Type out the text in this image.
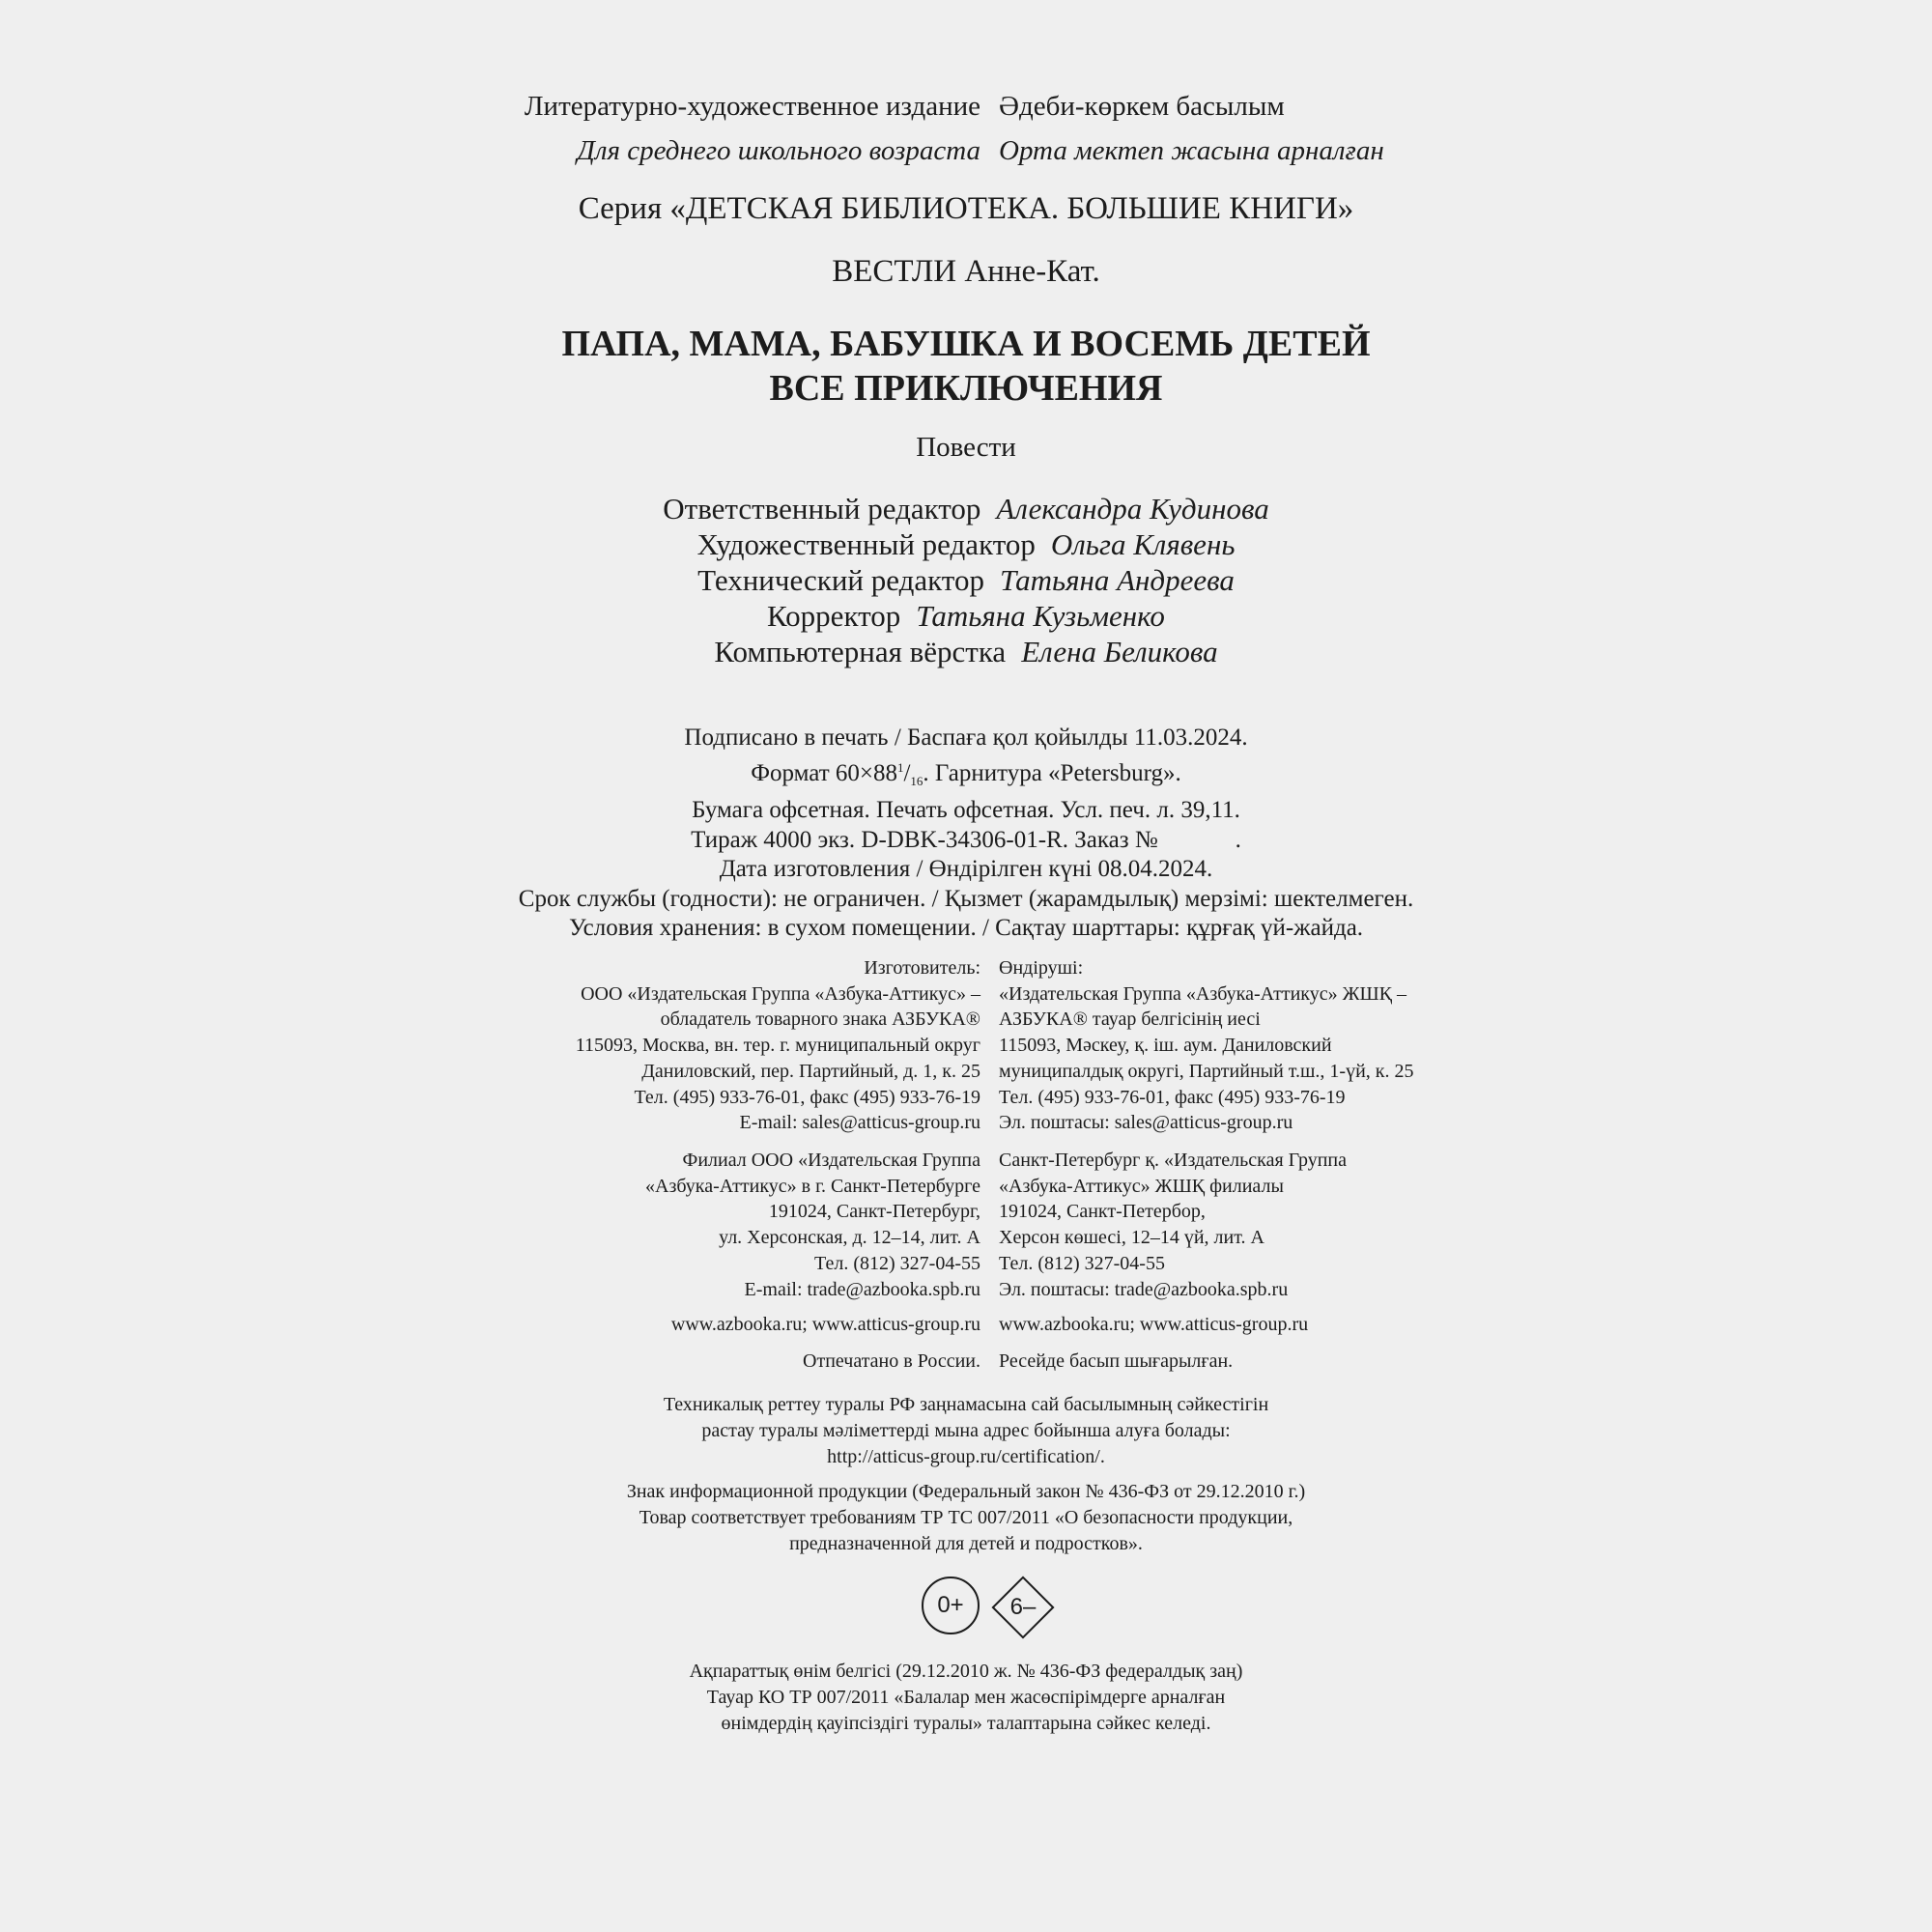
Литературно-художественное издание Әдеби-көркем басылым
Для среднего школьного возраста Орта мектеп жасына арналған
Серия «ДЕТСКАЯ БИБЛИОТЕКА. БОЛЬШИЕ КНИГИ»
ВЕСТЛИ Анне-Кат.
ПАПА, МАМА, БАБУШКА И ВОСЕМЬ ДЕТЕЙ
ВСЕ ПРИКЛЮЧЕНИЯ
Повести
Ответственный редактор Александра Кудинова
Художественный редактор Ольга Клявень
Технический редактор Татьяна Андреева
Корректор Татьяна Кузьменко
Компьютерная вёрстка Елена Беликова
Подписано в печать / Баспаға қол қойылды 11.03.2024.
Формат $60\times 88^1/_{16}$. Гарнитура «Petersburg».
Бумага офсетная. Печать офсетная. Усл. печ. л. 39,11.
Тираж 4000 экз. D-DBK-34306-01-R. Заказ №	.
Дата изготовления / Өндірілген күні 08.04.2024.
Срок службы (годности): не ограничен. / Қызмет (жарамдылық) мерзімі: шектелмеген.
Условия хранения: в сухом помещении. / Сақтау шарттары: құрғақ үй-жайда.
Изготовитель:
ООО «Издательская Группа «Азбука-Аттикус» –
обладатель товарного знака АЗБУКА®
115093, Москва, вн. тер. г. муниципальный округ
Даниловский, пер. Партийный, д. 1, к. 25
Тел. (495) 933-76-01, факс (495) 933-76-19
E-mail: sales@atticus-group.ru
Өндіруші:
«Издательская Группа «Азбука-Аттикус» ЖШҚ –
АЗБУКА® тауар белгісінің иесі
115093, Мәскеу, қ. іш. аум. Даниловский
муниципалдық округі, Партийный т.ш., 1-үй, к. 25
Тел. (495) 933-76-01, факс (495) 933-76-19
Эл. поштасы: sales@atticus-group.ru
Филиал ООО «Издательская Группа
«Азбука-Аттикус» в г. Санкт-Петербурге
191024, Санкт-Петербург,
ул. Херсонская, д. 12–14, лит. А
Тел. (812) 327-04-55
E-mail: trade@azbooka.spb.ru
Санкт-Петербург қ. «Издательская Группа
«Азбука-Аттикус» ЖШҚ филиалы
191024, Санкт-Петербор,
Херсон көшесі, 12–14 үй, лит. А
Тел. (812) 327-04-55
Эл. поштасы: trade@azbooka.spb.ru
www.azbooka.ru; www.atticus-group.ru www.azbooka.ru; www.atticus-group.ru
Отпечатано в России. Ресейде басып шығарылған.
Техникалық реттеу туралы РФ заңнамасына сай басылымның сәйкестігін
растау туралы мәліметтерді мына адрес бойынша алуға болады:
http://atticus-group.ru/certification/.
Знак информационной продукции (Федеральный закон № 436-ФЗ от 29.12.2010 г.)
Товар соответствует требованиям ТР ТС 007/2011 «О безопасности продукции,
предназначенной для детей и подростков».
0+	6–
Ақпараттық өнім белгісі (29.12.2010 ж. № 436-ФЗ федералдық заң)
Тауар КО ТР 007/2011 «Балалар мен жасөспірімдерге арналған
өнімдердің қауіпсіздігі туралы» талаптарына сәйкес келеді.
